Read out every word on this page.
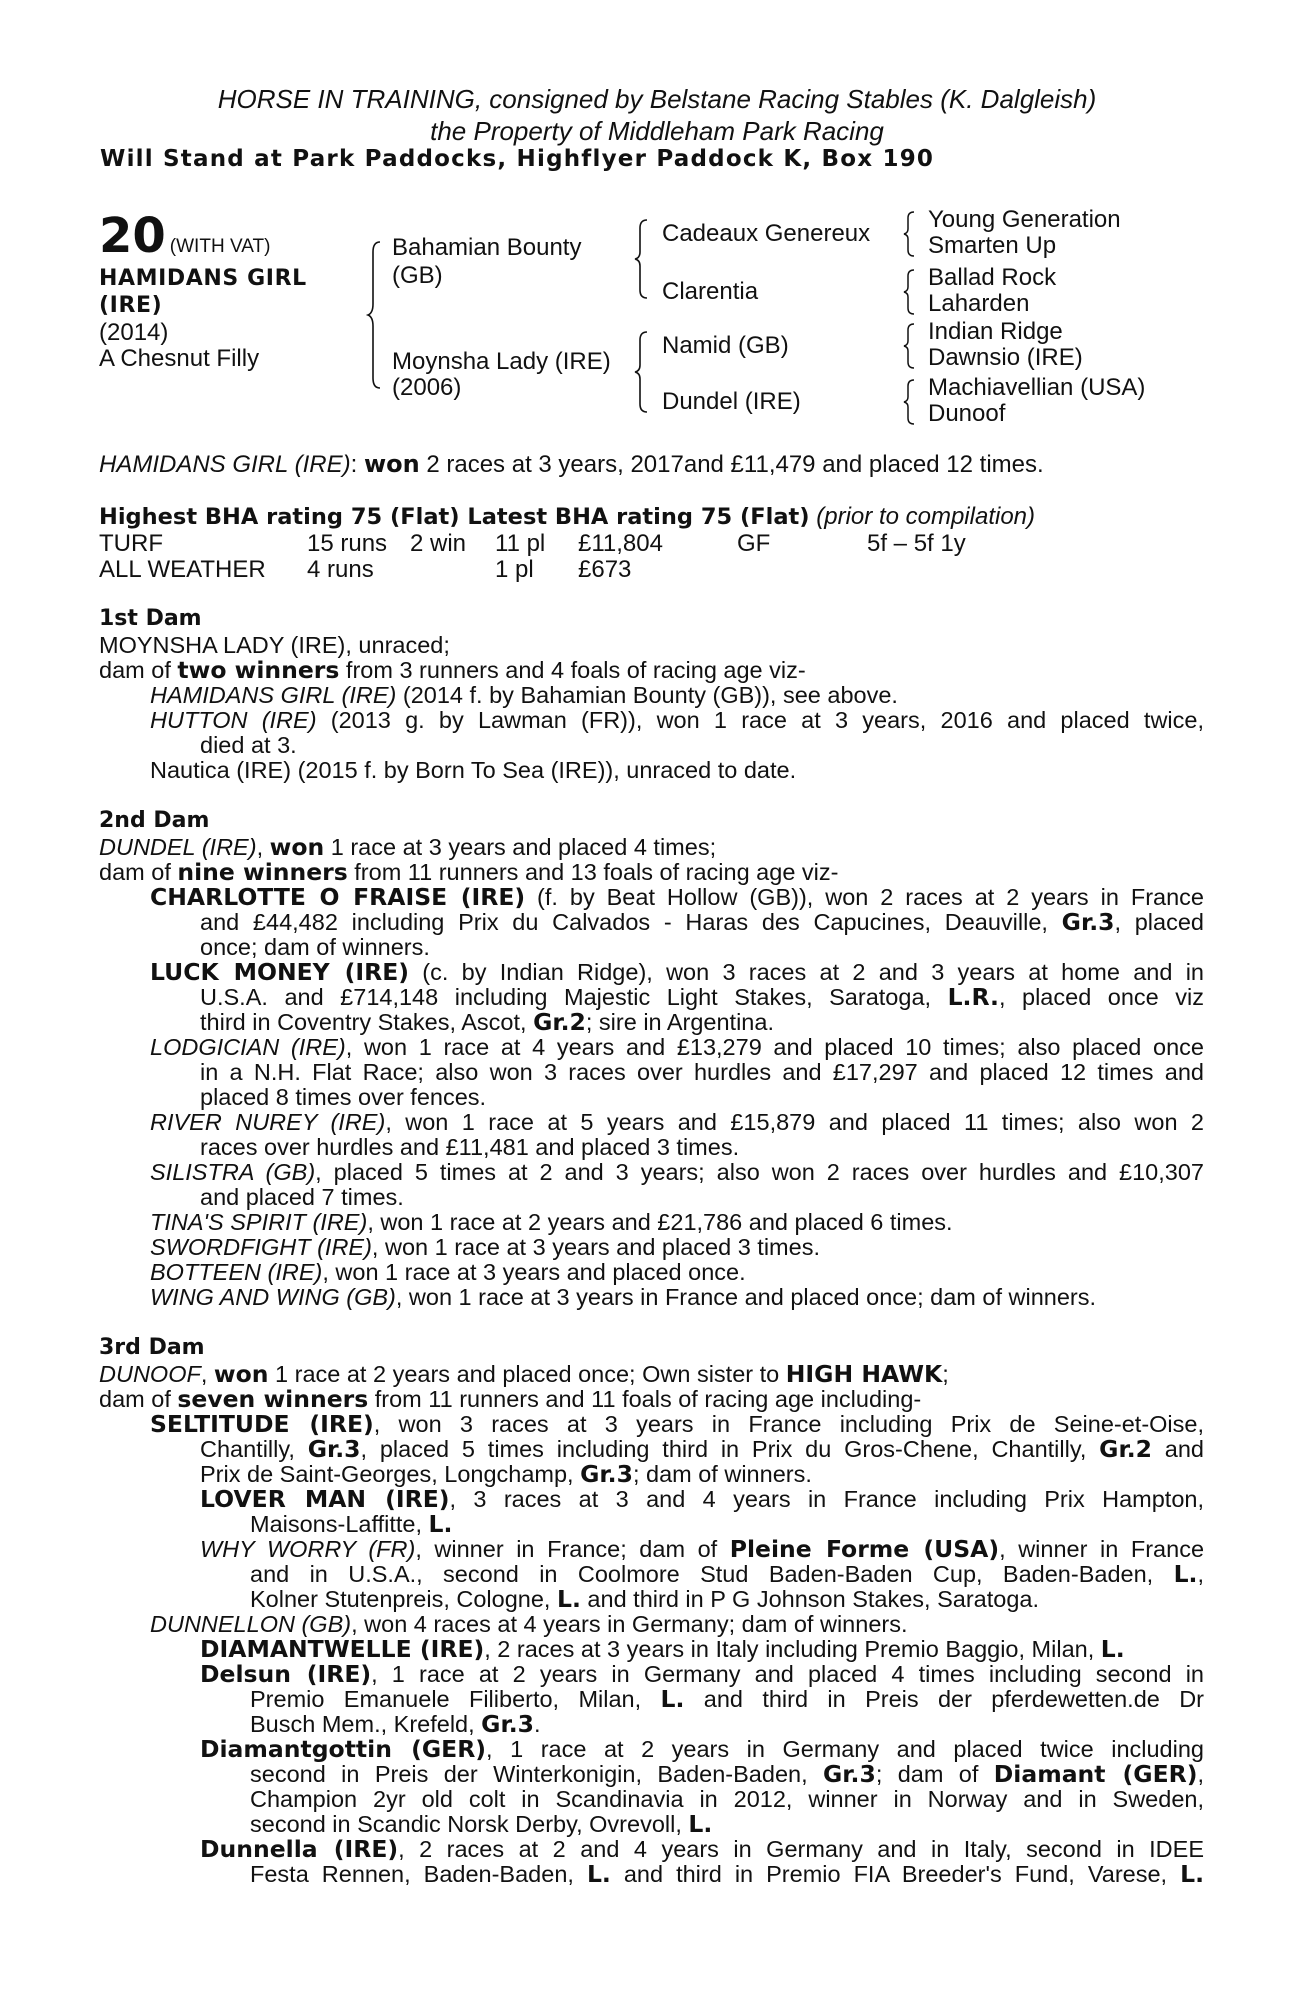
HORSE IN TRAINING, consigned by Belstane Racing Stables (K. Dalgleish)
the Property of Middleham Park Racing
Will Stand at Park Paddocks, Highflyer Paddock K, Box 190
20 (WITH VAT)
HAMIDANS GIRL
(IRE)
(2014)
A Chesnut Filly
Bahamian Bounty
(GB)
Moynsha Lady (IRE)
(2006)
Cadeaux Genereux
Clarentia
Namid (GB)
Dundel (IRE)
Young Generation
Smarten Up
Ballad Rock
Laharden
Indian Ridge
Dawnsio (IRE)
Machiavellian (USA)
Dunoof
HAMIDANS GIRL (IRE): won 2 races at 3 years, 2017and £11,479 and placed 12 times.
Highest BHA rating 75 (Flat) Latest BHA rating 75 (Flat) (prior to compilation)
TURF	15 runs 2 win 11 pl £11,804	GF	5f – 5f 1y
ALL WEATHER 4 runs	1 pl £673
1st Dam
MOYNSHA LADY (IRE), unraced;
dam of two winners from 3 runners and 4 foals of racing age viz-
HAMIDANS GIRL (IRE) (2014 f. by Bahamian Bounty (GB)), see above.
HUTTON (IRE) (2013 g. by Lawman (FR)), won 1 race at 3 years, 2016 and placed twice,
died at 3.
Nautica (IRE) (2015 f. by Born To Sea (IRE)), unraced to date.
2nd Dam
DUNDEL (IRE), won 1 race at 3 years and placed 4 times;
dam of nine winners from 11 runners and 13 foals of racing age viz-
CHARLOTTE O FRAISE (IRE) (f. by Beat Hollow (GB)), won 2 races at 2 years in France
and £44,482 including Prix du Calvados - Haras des Capucines, Deauville, Gr.3, placed
once; dam of winners.
LUCK MONEY (IRE) (c. by Indian Ridge), won 3 races at 2 and 3 years at home and in
U.S.A. and £714,148 including Majestic Light Stakes, Saratoga, L.R., placed once viz
third in Coventry Stakes, Ascot, Gr.2; sire in Argentina.
LODGICIAN (IRE), won 1 race at 4 years and £13,279 and placed 10 times; also placed once
in a N.H. Flat Race; also won 3 races over hurdles and £17,297 and placed 12 times and
placed 8 times over fences.
RIVER NUREY (IRE), won 1 race at 5 years and £15,879 and placed 11 times; also won 2
races over hurdles and £11,481 and placed 3 times.
SILISTRA (GB), placed 5 times at 2 and 3 years; also won 2 races over hurdles and £10,307
and placed 7 times.
TINA'S SPIRIT (IRE), won 1 race at 2 years and £21,786 and placed 6 times.
SWORDFIGHT (IRE), won 1 race at 3 years and placed 3 times.
BOTTEEN (IRE), won 1 race at 3 years and placed once.
WING AND WING (GB), won 1 race at 3 years in France and placed once; dam of winners.
3rd Dam
DUNOOF, won 1 race at 2 years and placed once; Own sister to HIGH HAWK;
dam of seven winners from 11 runners and 11 foals of racing age including-
SELTITUDE (IRE), won 3 races at 3 years in France including Prix de Seine-et-Oise,
Chantilly, Gr.3, placed 5 times including third in Prix du Gros-Chene, Chantilly, Gr.2 and
Prix de Saint-Georges, Longchamp, Gr.3; dam of winners.
LOVER MAN (IRE), 3 races at 3 and 4 years in France including Prix Hampton,
Maisons-Laffitte, L.
WHY WORRY (FR), winner in France; dam of Pleine Forme (USA), winner in France
and in U.S.A., second in Coolmore Stud Baden-Baden Cup, Baden-Baden, L.,
Kolner Stutenpreis, Cologne, L. and third in P G Johnson Stakes, Saratoga.
DUNNELLON (GB), won 4 races at 4 years in Germany; dam of winners.
DIAMANTWELLE (IRE), 2 races at 3 years in Italy including Premio Baggio, Milan, L.
Delsun (IRE), 1 race at 2 years in Germany and placed 4 times including second in
Premio Emanuele Filiberto, Milan, L. and third in Preis der pferdewetten.de Dr
Busch Mem., Krefeld, Gr.3.
Diamantgottin (GER), 1 race at 2 years in Germany and placed twice including
second in Preis der Winterkonigin, Baden-Baden, Gr.3; dam of Diamant (GER),
Champion 2yr old colt in Scandinavia in 2012, winner in Norway and in Sweden,
second in Scandic Norsk Derby, Ovrevoll, L.
Dunnella (IRE), 2 races at 2 and 4 years in Germany and in Italy, second in IDEE
Festa Rennen, Baden-Baden, L. and third in Premio FIA Breeder's Fund, Varese, L.
